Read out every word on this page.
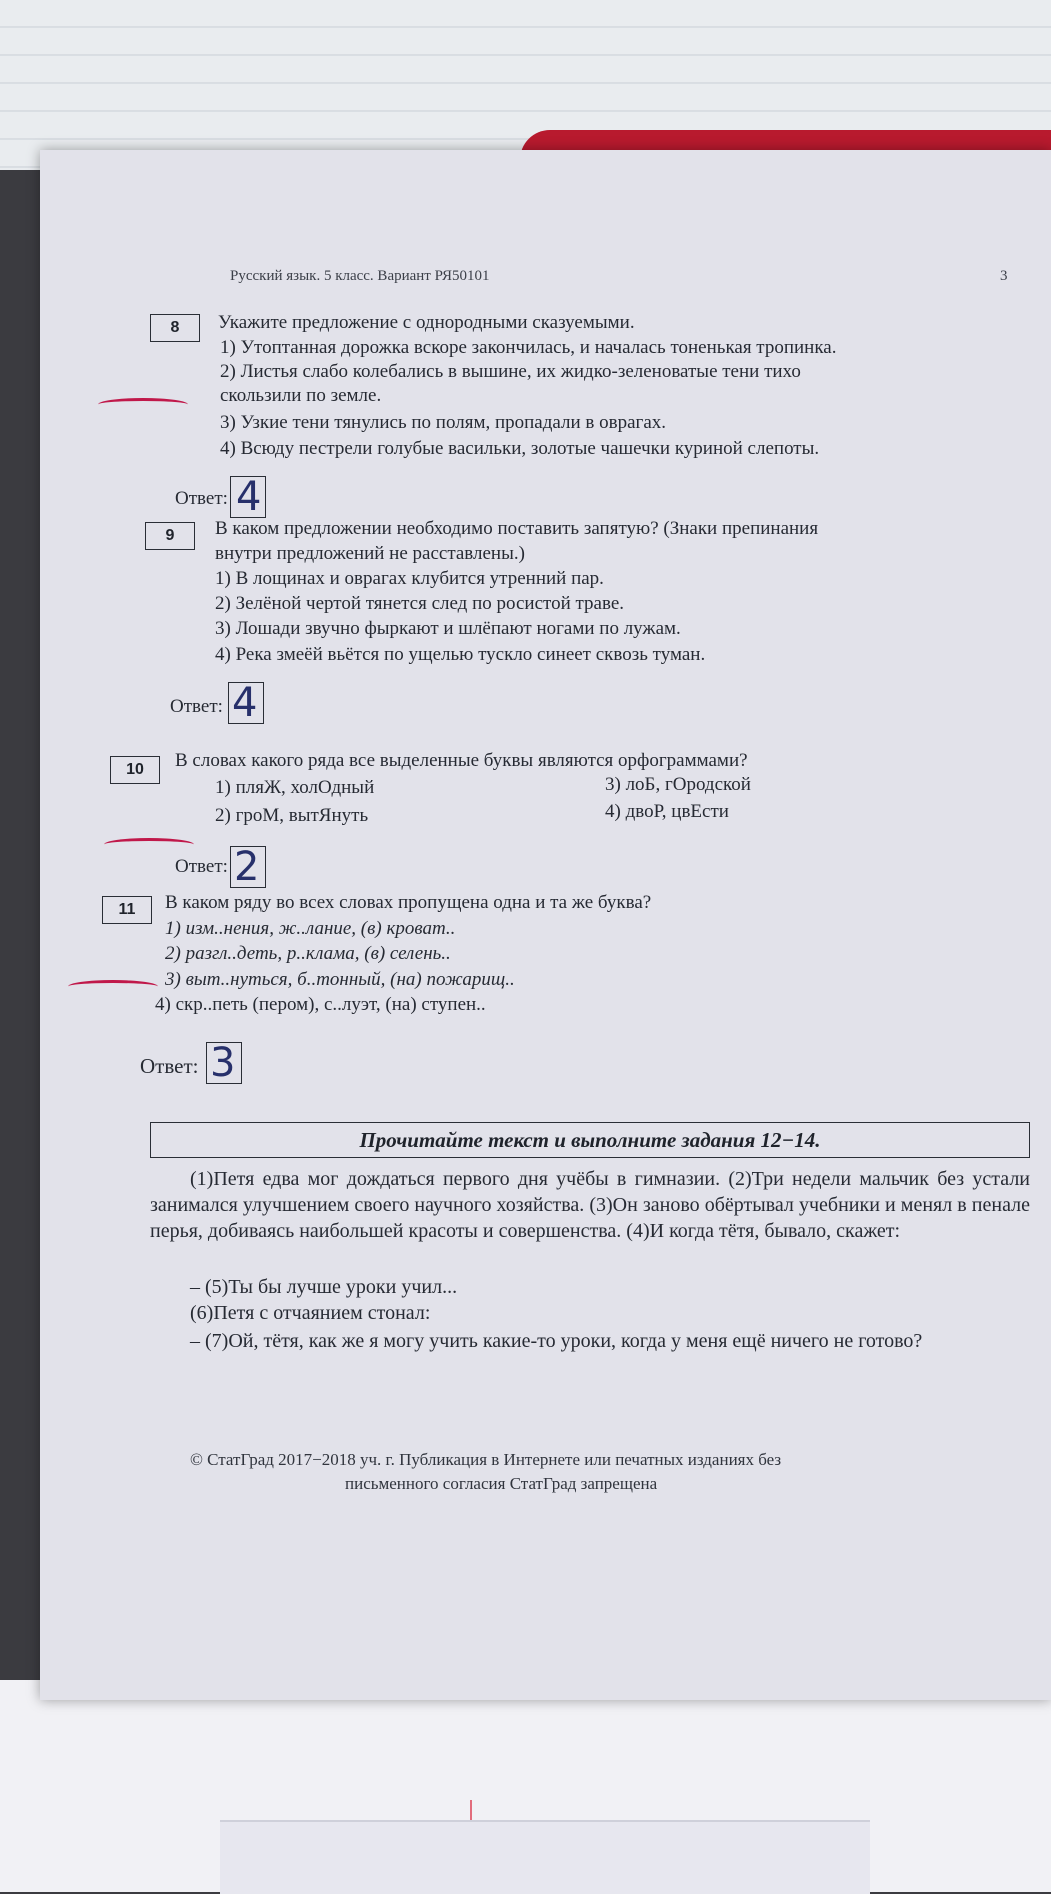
Русский язык. 5 класс. Вариант РЯ50101	3
8	Укажите предложение с однородными сказуемыми.
1) Утоптанная дорожка вскоре закончилась, и началась тоненькая тропинка.
2) Листья слабо колебались в вышине, их жидко-зеленоватые тени тихо
скользили по земле.
3) Узкие тени тянулись по полям, пропадали в оврагах.
4) Всюду пестрели голубые васильки, золотые чашечки куриной слепоты.
Ответ: 4
9	В каком предложении необходимо поставить запятую? (Знаки препинания
внутри предложений не расставлены.)
1) В лощинах и оврагах клубится утренний пар.
2) Зелёной чертой тянется след по росистой траве.
3) Лошади звучно фыркают и шлёпают ногами по лужам.
4) Река змеёй вьётся по ущелью тускло синеет сквозь туман.
Ответ: 4
10	В словах какого ряда все выделенные буквы являются орфограммами?
1) пляЖ, холОдный
2) гроМ, вытЯнуть
3) лоБ, гОродской
4) двоР, цвЕсти
Ответ: 2
11	В каком ряду во всех словах пропущена одна и та же буква?
1) изм..нения, ж..лание, (в) кроват..
2) разгл..деть, р..клама, (в) селень..
3) выт..нуться, б..тонный, (на) пожарищ..
4) скр..петь (пером), с..луэт, (на) ступен..
Ответ: 3
Прочитайте текст и выполните задания 12−14.
(1)Петя едва мог дождаться первого дня учёбы в гимназии. (2)Три недели мальчик без устали занимался улучшением своего научного хозяйства. (3)Он заново обёртывал учебники и менял в пенале перья, добиваясь наибольшей красоты и совершенства. (4)И когда тётя, бывало, скажет:
– (5)Ты бы лучше уроки учил...
(6)Петя с отчаянием стонал:
– (7)Ой, тётя, как же я могу учить какие-то уроки, когда у меня ещё ничего не готово?
© СтатГрад 2017−2018 уч. г. Публикация в Интернете или печатных изданиях без
письменного согласия СтатГрад запрещена
